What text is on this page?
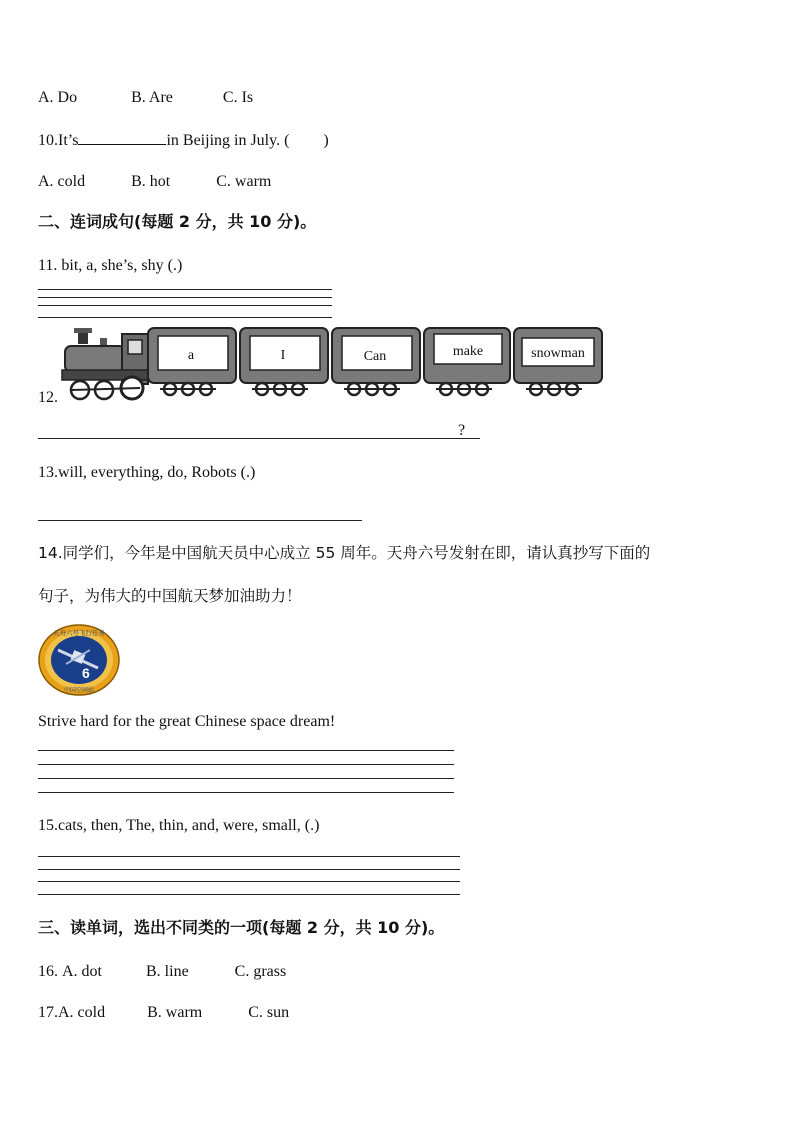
A. Do	B. Are	C. Is
10.It’s	in Beijing in July. ( )
A. cold	B. hot	C. warm
二、连词成句(每题 2 分，共 10 分)。
11. bit, a, she’s, shy (.)
12.
a	I	Can	make	snowman
?
13.will, everything, do, Robots (.)
14.同学们，今年是中国航天员中心成立 55 周年。天舟六号发射在即，请认真抄写下面的
句子，为伟大的中国航天梦加油助力！
6
天舟六号飞行任务
中国空间站
Strive hard for the great Chinese space dream!
15.cats, then, The, thin, and, were, small, (.)
三、读单词，选出不同类的一项(每题 2 分，共 10 分)。
16. A. dot	B. line	C. grass
17.A. cold	B. warm	C. sun
